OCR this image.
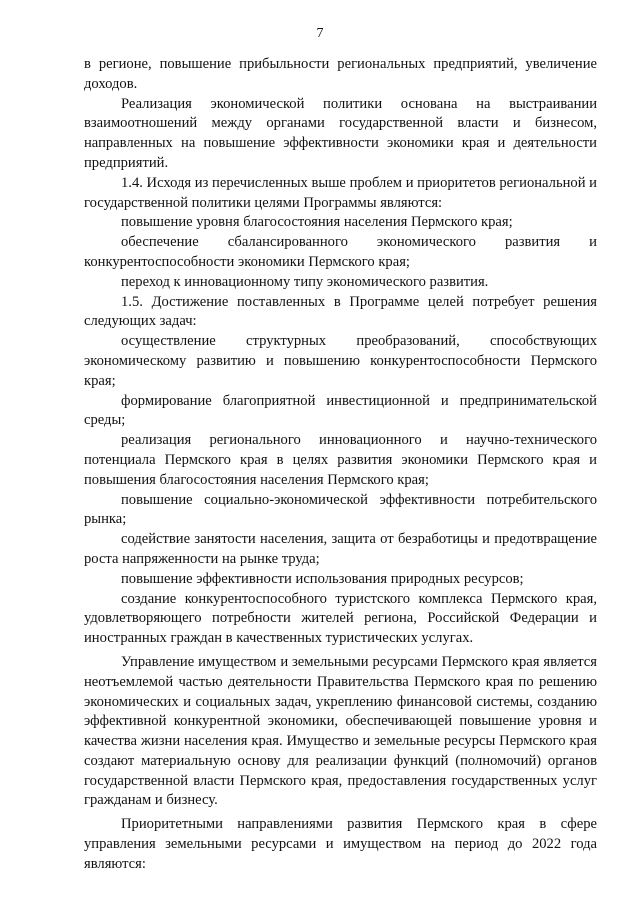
7

в регионе, повышение прибыльности региональных предприятий, увеличение доходов.

Реализация экономической политики основана на выстраивании взаимоотношений между органами государственной власти и бизнесом, направленных на повышение эффективности экономики края и деятельности предприятий.

1.4. Исходя из перечисленных выше проблем и приоритетов региональной и государственной политики целями Программы являются:

повышение уровня благосостояния населения Пермского края;

обеспечение сбалансированного экономического развития и конкурентоспособности экономики Пермского края;

переход к инновационному типу экономического развития.

1.5. Достижение поставленных в Программе целей потребует решения следующих задач:

осуществление структурных преобразований, способствующих экономическому развитию и повышению конкурентоспособности Пермского края;

формирование благоприятной инвестиционной и предпринимательской среды;

реализация регионального инновационного и научно-технического потенциала Пермского края в целях развития экономики Пермского края и повышения благосостояния населения Пермского края;

повышение социально-экономической эффективности потребительского рынка;

содействие занятости населения, защита от безработицы и предотвращение роста напряженности на рынке труда;

повышение эффективности использования природных ресурсов;

создание конкурентоспособного туристского комплекса Пермского края, удовлетворяющего потребности жителей региона, Российской Федерации и иностранных граждан в качественных туристических услугах.

Управление имуществом и земельными ресурсами Пермского края является неотъемлемой частью деятельности Правительства Пермского края по решению экономических и социальных задач, укреплению финансовой системы, созданию эффективной конкурентной экономики, обеспечивающей повышение уровня и качества жизни населения края. Имущество и земельные ресурсы Пермского края создают материальную основу для реализации функций (полномочий) органов государственной власти Пермского края, предоставления государственных услуг гражданам и бизнесу.

Приоритетными направлениями развития Пермского края в сфере управления земельными ресурсами и имуществом на период до 2022 года являются:
